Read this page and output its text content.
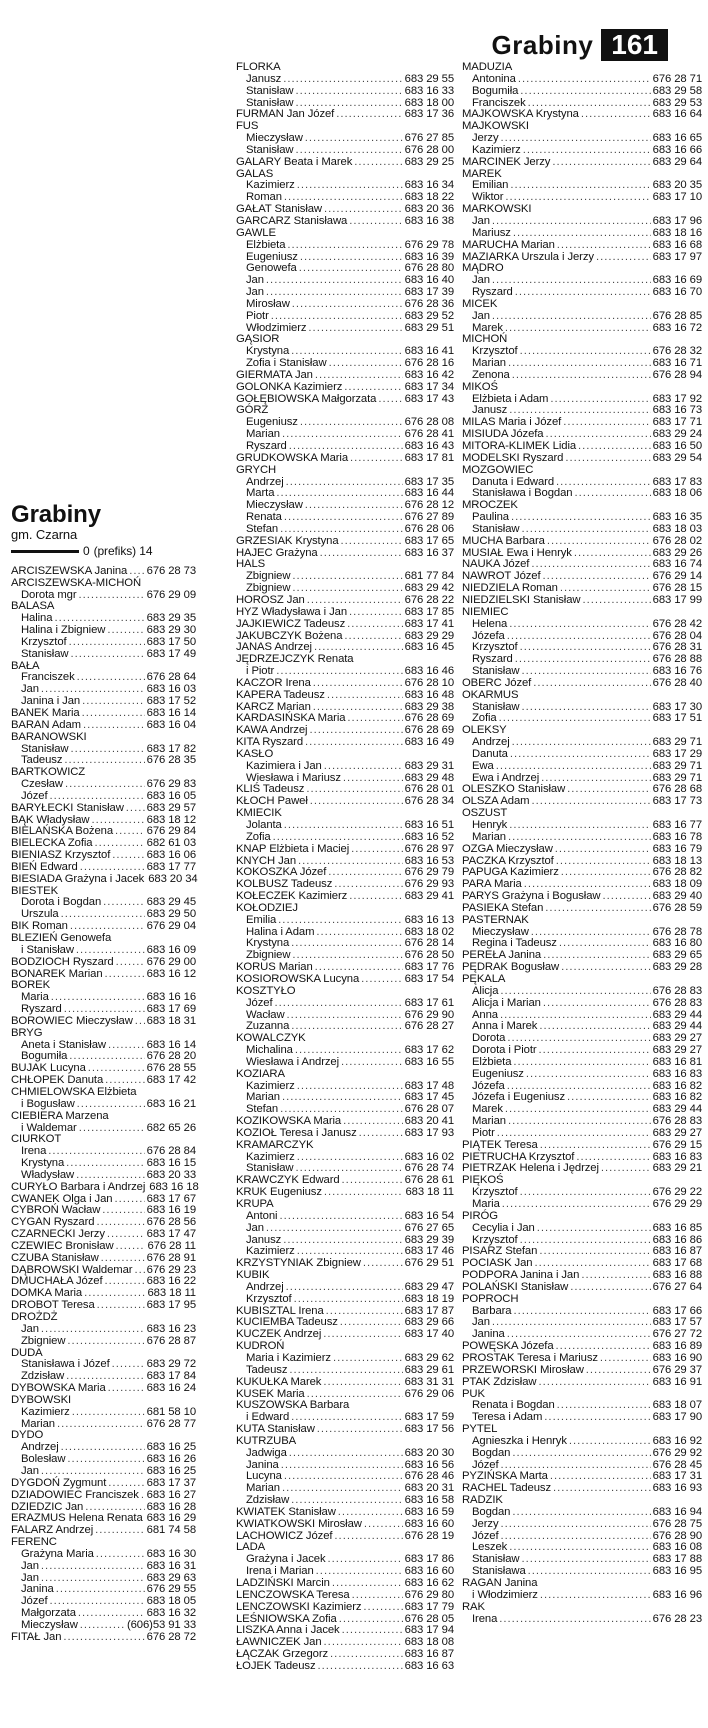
Grabiny 161
Grabiny
gm. Czarna
0 (prefiks) 14
ARCISZEWSKA Janina ..... 676 28 73
ARCISZEWSKA-MICHOŃ
Dorota mgr .....	676 29 09
BALASA
Halina .....	683 29 35
Halina i Zbigniew .....	683 29 30
Krzysztof .....	683 17 50
Stanisław .....	683 17 49
BAŁA
Franciszek .....	676 28 64
Jan .....	683 16 03
Janina i Jan .....	683 17 52
BANEK Maria .....	683 16 14
BARAN Adam .....	683 16 04
BARANOWSKI
Stanisław .....	683 17 82
Tadeusz .....	676 28 35
BARTKOWICZ
Czesław .....	676 29 83
Józef .....	683 16 05
BARYŁECKI Stanisław ..... 683 29 57
BĄK Władysław .....	683 18 12
BIELAŃSKA Bożena .....	676 29 84
BIELECKA Zofia .....	682 61 03
BIENIASZ Krzysztof .....	683 16 06
BIEŃ Edward .....	683 17 77
BIESIADA Grażyna i Jacek 683 20 34
BIESTEK
Dorota i Bogdan .....	683 29 45
Urszula .....	683 29 50
BIK Roman .....	676 29 04
BLEZIEŃ Genowefa
i Stanisław .....	683 16 09
BODZIOCH Ryszard .....	676 29 00
BONAREK Marian .....	683 16 12
BOREK
Maria .....	683 16 16
Ryszard .....	683 17 69
BOROWIEC Mieczysław ..... 683 18 31
BRYG
Aneta i Stanisław .....	683 16 14
Bogumiła .....	676 28 20
BUJAK Lucyna .....	676 28 55
CHŁOPEK Danuta .....	683 17 42
CHMIELOWSKA Elżbieta
i Bogusław .....	683 16 21
CIEBIERA Marzena
i Waldemar .....	682 65 26
CIURKOT
Irena .....	676 28 84
Krystyna .....	683 16 15
Władysław .....	683 20 33
CURYŁO Barbara i Andrzej 683 16 18
CWANEK Olga i Jan .....	683 17 67
CYBROŃ Wacław .....	683 16 19
CYGAN Ryszard .....	676 28 56
CZARNECKI Jerzy .....	683 17 47
CZEWIEC Bronisław .....	676 28 11
CZUBA Stanisław .....	676 28 91
DĄBROWSKI Waldemar ..... 676 29 23
DMUCHAŁA Józef .....	683 16 22
DOMKA Maria .....	683 18 11
DROBOT Teresa .....	683 17 95
DROŻDŻ
Jan .....	683 16 23
Zbigniew .....	676 28 87
DUDA
Stanisława i Józef .....	683 29 72
Zdzisław .....	683 17 84
DYBOWSKA Maria .....	683 16 24
DYBOWSKI
Kazimierz .....	681 58 10
Marian .....	676 28 77
DYDO
Andrzej .....	683 16 25
Bolesław .....	683 16 26
Jan .....	683 16 25
DYGDOŃ Zygmunt .....	683 17 37
DZIADOWIEC Franciszek ..... 683 16 27
DZIEDZIC Jan .....	683 16 28
ERAZMUS Helena Renata 683 16 29
FALARZ Andrzej .....	681 74 58
FERENC
Grażyna Maria .....	683 16 30
Jan .....	683 16 31
Jan .....	683 29 63
Janina .....	676 29 55
Józef .....	683 18 05
Małgorzata .....	683 16 32
Mieczysław .....	(606)53 91 33
FITAŁ Jan .....	676 28 72
FLORKA
Janusz .....	683 29 55
Stanisław .....	683 16 33
Stanisław .....	683 18 00
FURMAN Jan Józef .....	683 17 36
FUS
Mieczysław .....	676 27 85
Stanisław .....	676 28 00
GALARY Beata i Marek .....	683 29 25
GALAS
Kazimierz .....	683 16 34
Roman .....	683 18 22
GAŁAT Stanisław .....	683 20 36
GARCARZ Stanisława .....	683 16 38
GAWLE
Elżbieta .....	676 29 78
Eugeniusz .....	683 16 39
Genowefa .....	676 28 80
Jan .....	683 16 40
Jan .....	683 17 39
Mirosław .....	676 28 36
Piotr .....	683 29 52
Włodzimierz .....	683 29 51
GĄSIOR
Krystyna .....	683 16 41
Zofia i Stanisław .....	676 28 16
GIERMATA Jan .....	683 16 42
GOLONKA Kazimierz .....	683 17 34
GOŁĘBIOWSKA Małgorzata .....	683 17 43
GÓRZ
Eugeniusz .....	676 28 08
Marian .....	676 28 41
Ryszard .....	683 16 43
GRUDKOWSKA Maria .....	683 17 81
GRYCH
Andrzej .....	683 17 35
Marta .....	683 16 44
Mieczysław .....	676 28 12
Renata .....	676 27 89
Stefan .....	676 28 06
GRZESIAK Krystyna .....	683 17 65
HAJEC Grażyna .....	683 16 37
HALS
Zbigniew .....	681 77 84
Zbigniew .....	683 29 42
HOROSZ Jan .....	676 28 22
HYZ Władysława i Jan .....	683 17 85
JAJKIEWICZ Tadeusz .....	683 17 41
JAKUBCZYK Bożena .....	683 29 29
JANAS Andrzej .....	683 16 45
JĘDRZEJCZYK Renata
i Piotr .....	683 16 46
KACZOR Irena .....	676 28 10
KAPERA Tadeusz .....	683 16 48
KARCZ Marian .....	683 29 38
KARDASIŃSKA Maria .....	676 28 69
KAWA Andrzej .....	676 28 69
KITA Ryszard .....	683 16 49
KASŁO
Kazimiera i Jan .....	683 29 31
Wiesława i Mariusz .....	683 29 48
KLIŚ Tadeusz .....	676 28 01
KŁOCH Paweł .....	676 28 34
KMIECIK
Jolanta .....	683 16 51
Zofia .....	683 16 52
KNAP Elżbieta i Maciej .....	676 28 97
KNYCH Jan .....	683 16 53
KOKOSZKA Józef .....	676 29 79
KOLBUSZ Tadeusz .....	676 29 93
KOŁECZEK Kazimierz .....	683 29 41
KOŁODZIEJ
Emilia .....	683 16 13
Halina i Adam .....	683 18 02
Krystyna .....	676 28 14
Zbigniew .....	676 28 50
KORUS Marian .....	683 17 76
KOSIOROWSKA Lucyna .....	683 17 54
KOSZTYŁO
Józef .....	683 17 61
Wacław .....	676 29 90
Zuzanna .....	676 28 27
KOWALCZYK
Michalina .....	683 17 62
Wiesława i Andrzej .....	683 16 55
KOZIARA
Kazimierz .....	683 17 48
Marian .....	683 17 45
Stefan .....	676 28 07
KOZIKOWSKA Maria .....	683 20 41
KOZIOŁ Teresa i Janusz .....	683 17 93
KRAMARCZYK
Kazimierz .....	683 16 02
Stanisław .....	676 28 74
KRAWCZYK Edward .....	676 28 61
KRUK Eugeniusz .....	683 18 11
KRUPA
Antoni .....	683 16 54
Jan .....	676 27 65
Janusz .....	683 29 39
Kazimierz .....	683 17 46
KRZYSTYNIAK Zbigniew .....	676 29 51
KUBIK
Andrzej .....	683 29 47
Krzysztof .....	683 18 19
KUBISZTAL Irena .....	683 17 87
KUCIEMBA Tadeusz .....	683 29 66
KUCZEK Andrzej .....	683 17 40
KUDROŃ
Maria i Kazimierz .....	683 29 62
Tadeusz .....	683 29 61
KUKUŁKA Marek .....	683 31 31
KUSEK Maria .....	676 29 06
KUSZOWSKA Barbara
i Edward .....	683 17 59
KUTA Stanisław .....	683 17 56
KUTRZUBA
Jadwiga .....	683 20 30
Janina .....	683 16 56
Lucyna .....	676 28 46
Marian .....	683 20 31
Zdzisław .....	683 16 58
KWIATEK Stanisław .....	683 16 59
KWIATKOWSKI Mirosław .....	683 16 60
LACHOWICZ Józef .....	676 28 19
LADA
Grażyna i Jacek .....	683 17 86
Irena i Marian .....	683 16 60
LADZIŃSKI Marcin .....	683 16 62
LENCZOWSKA Teresa .....	676 29 80
LENCZOWSKI Kazimierz .....	683 17 79
LEŚNIOWSKA Zofia .....	676 28 05
LISZKA Anna i Jacek .....	683 17 94
ŁAWNICZEK Jan .....	683 18 08
ŁĄCZAK Grzegorz .....	683 16 87
ŁOJEK Tadeusz .....	683 16 63
MADUZIA
Antonina .....	676 28 71
Bogumiła .....	683 29 58
Franciszek .....	683 29 53
MAJKOWSKA Krystyna .....	683 16 64
MAJKOWSKI
Jerzy .....	683 16 65
Kazimierz .....	683 16 66
MARCINEK Jerzy .....	683 29 64
MAREK
Emilian .....	683 20 35
Wiktor .....	683 17 10
MARKOWSKI
Jan .....	683 17 96
Mariusz .....	683 18 16
MARUCHA Marian .....	683 16 68
MAZIARKA Urszula i Jerzy .....	683 17 97
MĄDRO
Jan .....	683 16 69
Ryszard .....	683 16 70
MICEK
Jan .....	676 28 85
Marek .....	683 16 72
MICHOŃ
Krzysztof .....	676 28 32
Marian .....	683 16 71
Zenona .....	676 28 94
MIKOŚ
Elżbieta i Adam .....	683 17 92
Janusz .....	683 16 73
MILAS Maria i Józef .....	683 17 71
MISIUDA Józefa .....	683 29 24
MITORA-KLIMEK Lidia .....	683 16 50
MODELSKI Ryszard .....	683 29 54
MOZGOWIEC
Danuta i Edward .....	683 17 83
Stanisława i Bogdan .....	683 18 06
MROCZEK
Paulina .....	683 16 35
Stanisław .....	683 18 03
MUCHA Barbara .....	676 28 02
MUSIAŁ Ewa i Henryk .....	683 29 26
NAUKA Józef .....	683 16 74
NAWROT Józef .....	676 29 14
NIEDZIELA Roman .....	676 28 15
NIEDZIELSKI Stanisław .....	683 17 99
NIEMIEC
Helena .....	676 28 42
Józefa .....	676 28 04
Krzysztof .....	676 28 31
Ryszard .....	676 28 88
Stanisław .....	683 16 76
OBERC Józef .....	676 28 40
OKARMUS
Stanisław .....	683 17 30
Zofia .....	683 17 51
OLEKSY
Andrzej .....	683 29 71
Danuta .....	683 17 29
Ewa .....	683 29 71
Ewa i Andrzej .....	683 29 71
OLESZKO Stanisław .....	676 28 68
OLSZA Adam .....	683 17 73
OSZUST
Henryk .....	683 16 77
Marian .....	683 16 78
OZGA Mieczysław .....	683 16 79
PACZKA Krzysztof .....	683 18 13
PAPUGA Kazimierz .....	676 28 82
PARA Maria .....	683 18 09
PARYS Grażyna i Bogusław .....	683 29 40
PASIEKA Stefan .....	676 28 59
PASTERNAK
Mieczysław .....	676 28 78
Regina i Tadeusz .....	683 16 80
PEREŁA Janina .....	683 29 65
PĘDRAK Bogusław .....	683 29 28
PĘKALA
Alicja .....	676 28 83
Alicja i Marian .....	676 28 83
Anna .....	683 29 44
Anna i Marek .....	683 29 44
Dorota .....	683 29 27
Dorota i Piotr .....	683 29 27
Elżbieta .....	683 16 81
Eugeniusz .....	683 16 83
Józefa .....	683 16 82
Józefa i Eugeniusz .....	683 16 82
Marek .....	683 29 44
Marian .....	676 28 83
Piotr .....	683 29 27
PIĄTEK Teresa .....	676 29 15
PIETRUCHA Krzysztof .....	683 16 83
PIETRZAK Helena i Jędrzej .....	683 29 21
PIĘKOŚ
Krzysztof .....	676 29 22
Maria .....	676 29 29
PIRÓG
Cecylia i Jan .....	683 16 85
Krzysztof .....	683 16 86
PISARZ Stefan .....	683 16 87
POCIASK Jan .....	683 17 68
PODPORA Janina i Jan .....	683 16 88
POLAŃSKI Stanisław .....	676 27 64
POPROCH
Barbara .....	683 17 66
Jan .....	683 17 57
Janina .....	676 27 72
POWĘSKA Józefa .....	683 16 89
PROSTAK Teresa i Mariusz .....	683 16 90
PRZEWORSKI Mirosław .....	676 29 37
PTAK Zdzisław .....	683 16 91
PUK
Renata i Bogdan .....	683 18 07
Teresa i Adam .....	683 17 90
PYTEL
Agnieszka i Henryk .....	683 16 92
Bogdan .....	676 29 92
Józef .....	676 28 45
PYZIŃSKA Marta .....	683 17 31
RACHEL Tadeusz .....	683 16 93
RADZIK
Bogdan .....	683 16 94
Jerzy .....	676 28 75
Józef .....	676 28 90
Leszek .....	683 16 08
Stanisław .....	683 17 88
Stanisława .....	683 16 95
RAGAN Janina
i Włodzimierz .....	683 16 96
RAK
Irena .....	676 28 23
